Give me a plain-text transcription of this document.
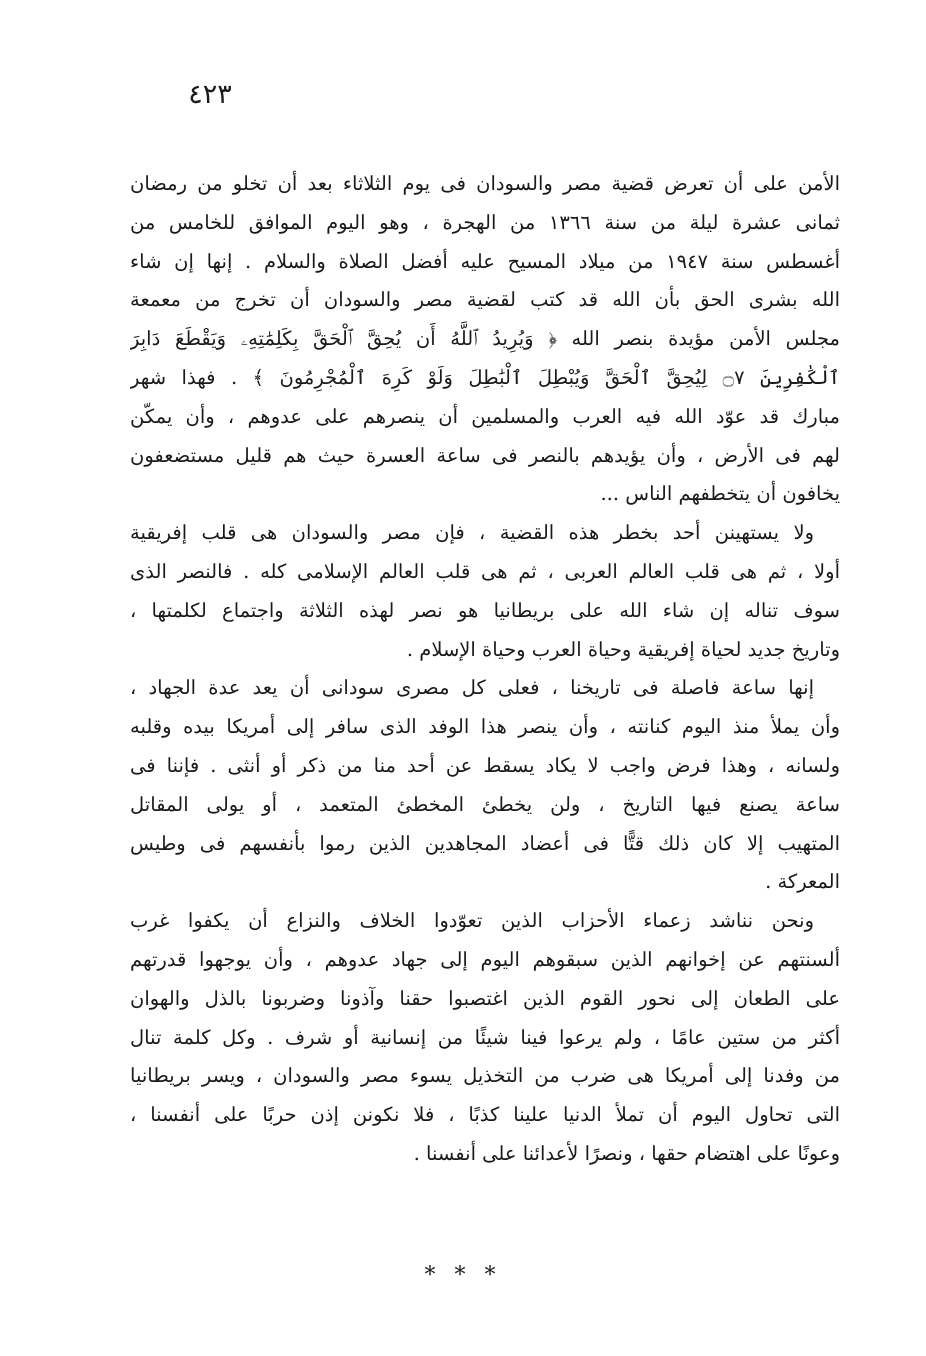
٤٢٣
الأمن على أن تعرض قضية مصر والسودان فى يوم الثلاثاء بعد أن تخلو من رمضان
ثمانى عشرة ليلة من سنة ١٣٦٦ من الهجرة ، وهو اليوم الموافق للخامس من
أغسطس سنة ١٩٤٧ من ميلاد المسيح عليه أفضل الصلاة والسلام . إنها إن شاء
الله بشرى الحق بأن الله قد كتب لقضية مصر والسودان أن تخرج من معمعة
مجلس الأمن مؤيدة بنصر الله ﴿ وَيُرِيدُ ٱللَّهُ أَن يُحِقَّ ٱلْحَقَّ بِكَلِمَٰتِهِۦ وَيَقْطَعَ دَابِرَ
ٱلْكَٰفِرِينَ ۝٧ لِيُحِقَّ ٱلْحَقَّ وَيُبْطِلَ ٱلْبَٰطِلَ وَلَوْ كَرِهَ ٱلْمُجْرِمُونَ ﴾ . فهذا شهر
مبارك قد عوّد الله فيه العرب والمسلمين أن ينصرهم على عدوهم ، وأن يمكّن
لهم فى الأرض ، وأن يؤيدهم بالنصر فى ساعة العسرة حيث هم قليل مستضعفون
يخافون أن يتخطفهم الناس ...
ولا يستهينن أحد بخطر هذه القضية ، فإن مصر والسودان هى قلب إفريقية
أولا ، ثم هى قلب العالم العربى ، ثم هى قلب العالم الإسلامى كله . فالنصر الذى
سوف تناله إن شاء الله على بريطانيا هو نصر لهذه الثلاثة واجتماع لكلمتها ،
وتاريخ جديد لحياة إفريقية وحياة العرب وحياة الإسلام .
إنها ساعة فاصلة فى تاريخنا ، فعلى كل مصرى سودانى أن يعد عدة الجهاد ،
وأن يملأ منذ اليوم كنانته ، وأن ينصر هذا الوفد الذى سافر إلى أمريكا بيده وقلبه
ولسانه ، وهذا فرض واجب لا يكاد يسقط عن أحد منا من ذكر أو أنثى . فإننا فى
ساعة يصنع فيها التاريخ ، ولن يخطئ المخطئ المتعمد ، أو يولى المقاتل
المتهيب إلا كان ذلك قتًّا فى أعضاد المجاهدين الذين رموا بأنفسهم فى وطيس
المعركة .
ونحن نناشد زعماء الأحزاب الذين تعوّدوا الخلاف والنزاع أن يكفوا غرب
ألسنتهم عن إخوانهم الذين سبقوهم اليوم إلى جهاد عدوهم ، وأن يوجهوا قدرتهم
على الطعان إلى نحور القوم الذين اغتصبوا حقنا وآذونا وضربونا بالذل والهوان
أكثر من ستين عامًا ، ولم يرعوا فينا شيئًا من إنسانية أو شرف . وكل كلمة تنال
من وفدنا إلى أمريكا هى ضرب من التخذيل يسوء مصر والسودان ، ويسر بريطانيا
التى تحاول اليوم أن تملأ الدنيا علينا كذبًا ، فلا نكونن إذن حربًا على أنفسنا ،
وعونًا على اهتضام حقها ، ونصرًا لأعدائنا على أنفسنا .
* * *
